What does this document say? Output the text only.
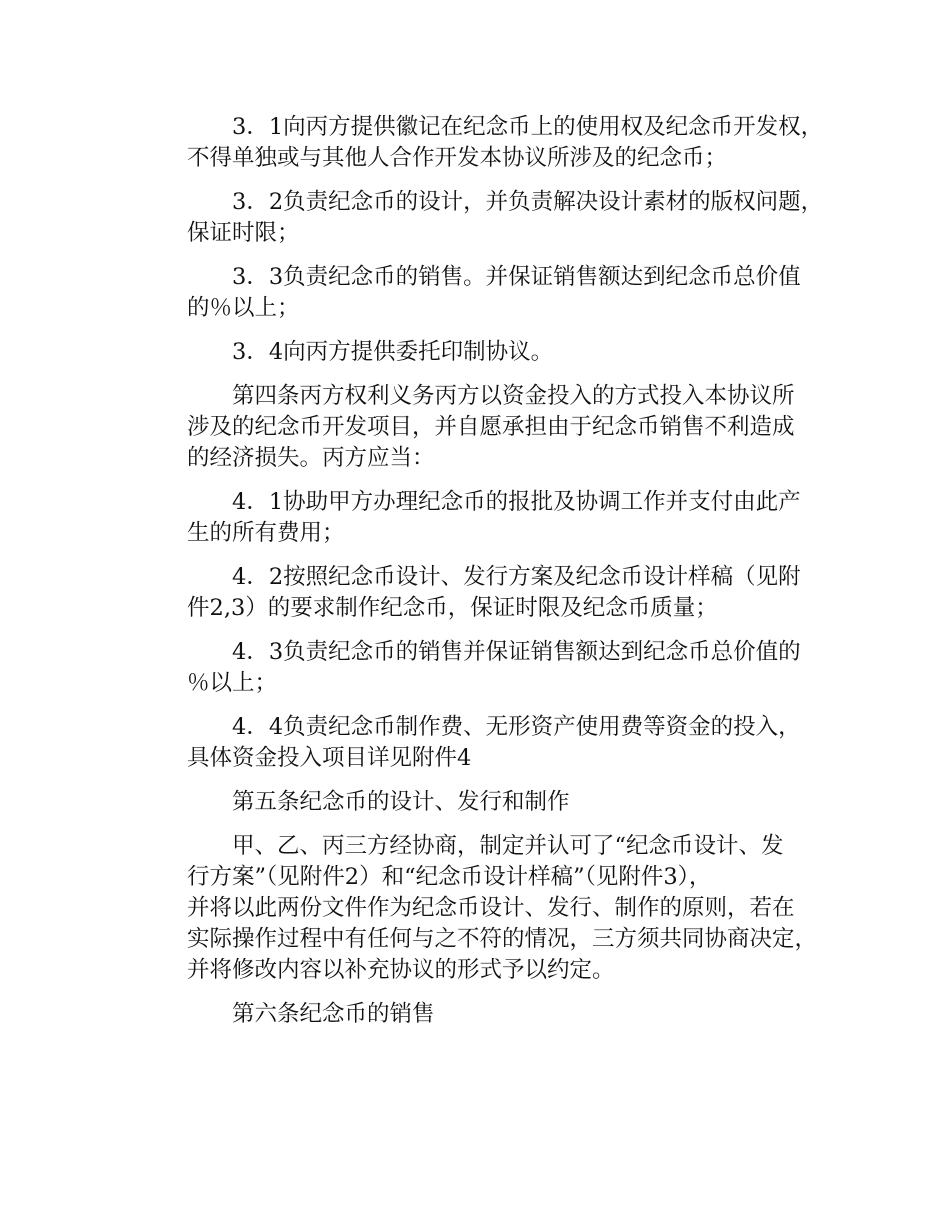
3．1向丙方提供徽记在纪念币上的使用权及纪念币开发权，
不得单独或与其他人合作开发本协议所涉及的纪念币；
3．2负责纪念币的设计，并负责解决设计素材的版权问题，
保证时限；
3．3负责纪念币的销售。并保证销售额达到纪念币总价值
的％以上；
3．4向丙方提供委托印制协议。
第四条丙方权利义务丙方以资金投入的方式投入本协议所
涉及的纪念币开发项目，并自愿承担由于纪念币销售不利造成
的经济损失。丙方应当：
4．1协助甲方办理纪念币的报批及协调工作并支付由此产
生的所有费用；
4．2按照纪念币设计、发行方案及纪念币设计样稿（见附
件2,3）的要求制作纪念币，保证时限及纪念币质量；
4．3负责纪念币的销售并保证销售额达到纪念币总价值的
％以上；
4．4负责纪念币制作费、无形资产使用费等资金的投入，
具体资金投入项目详见附件4
第五条纪念币的设计、发行和制作
甲、乙、丙三方经协商，制定并认可了“纪念币设计、发
行方案”（见附件2）和“纪念币设计样稿”（见附件3），
并将以此两份文件作为纪念币设计、发行、制作的原则，若在
实际操作过程中有任何与之不符的情况，三方须共同协商决定，
并将修改内容以补充协议的形式予以约定。
第六条纪念币的销售
